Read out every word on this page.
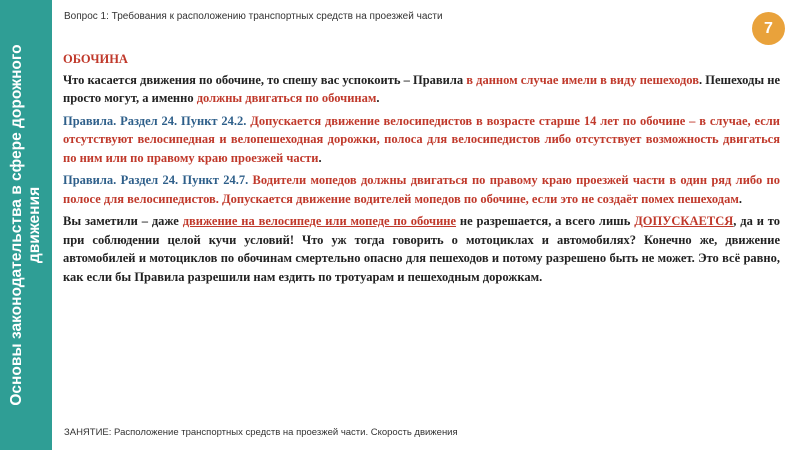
Основы законодательства в сфере дорожного движения
Вопрос 1: Требования к расположению транспортных средств на проезжей части
7

ОБОЧИНА

Что касается движения по обочине, то спешу вас успокоить – Правила в данном случае имели в виду пешеходов. Пешеходы не просто могут, а именно должны двигаться по обочинам.

Правила. Раздел 24. Пункт 24.2. Допускается движение велосипедистов в возрасте старше 14 лет по обочине – в случае, если отсутствуют велосипедная и велопешеходная дорожки, полоса для велосипедистов либо отсутствует возможность двигаться по ним или по правому краю проезжей части.

Правила. Раздел 24. Пункт 24.7. Водители мопедов должны двигаться по правому краю проезжей части в один ряд либо по полосе для велосипедистов. Допускается движение водителей мопедов по обочине, если это не создаёт помех пешеходам.

Вы заметили – даже движение на велосипеде или мопеде по обочине не разрешается, а всего лишь ДОПУСКАЕТСЯ, да и то при соблюдении целой кучи условий! Что уж тогда говорить о мотоциклах и автомобилях? Конечно же, движение автомобилей и мотоциклов по обочинам смертельно опасно для пешеходов и потому разрешено быть не может. Это всё равно, как если бы Правила разрешили нам ездить по тротуарам и пешеходным дорожкам.

ЗАНЯТИЕ: Расположение транспортных средств на проезжей части. Скорость движения
